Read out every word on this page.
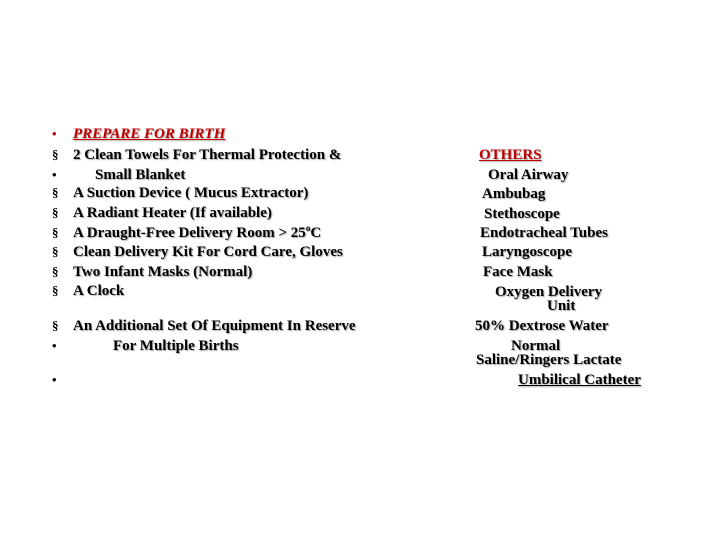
•	PREPARE FOR BIRTH
§ 2 Clean Towels For Thermal Protection &
•	Small Blanket
§ A Suction Device ( Mucus Extractor)
§ A Radiant Heater (If available)
§ A Draught-Free Delivery Room > $25^oC$
§ Clean Delivery Kit For Cord Care, Gloves
§ Two Infant Masks (Normal)
§ A Clock
§ An Additional Set Of Equipment In Reserve
•	For Multiple Births
•
OTHERS
Oral Airway
Ambubag
Stethoscope
Endotracheal Tubes
Laryngoscope
Face Mask
Oxygen Delivery
Unit
50% Dextrose Water
Normal
Saline/Ringers Lactate
Umbilical Catheter
